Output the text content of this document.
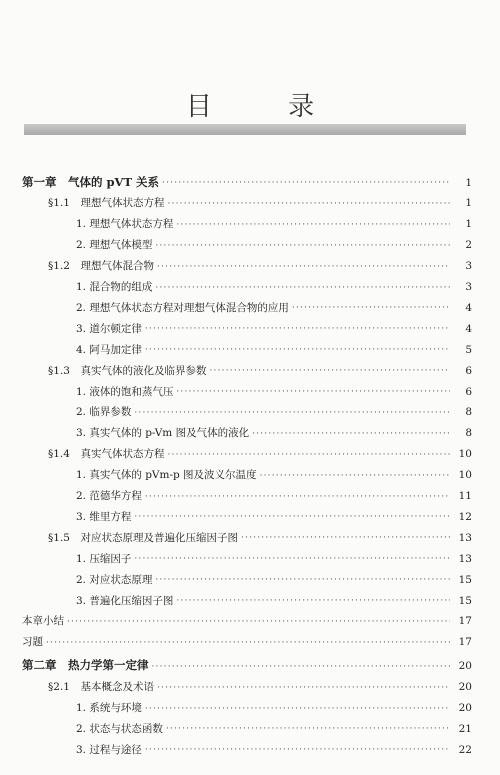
目 录
第一章　气体的 pVT 关系 ·····	1
§1.1　理想气体状态方程 ·····	1
1. 理想气体状态方程 ·····	1
2. 理想气体模型 ·····	2
§1.2　理想气体混合物 ·····	3
1. 混合物的组成 ·····	3
2. 理想气体状态方程对理想气体混合物的应用 ·····	4
3. 道尔顿定律 ·····	4
4. 阿马加定律 ·····	5
§1.3　真实气体的液化及临界参数 ·····	6
1. 液体的饱和蒸气压 ·····	6
2. 临界参数 ·····	8
3. 真实气体的 p-Vm 图及气体的液化 ·····	8
§1.4　真实气体状态方程 ·····	10
1. 真实气体的 pVm-p 图及波义尔温度 ·····	10
2. 范德华方程 ·····	11
3. 维里方程 ·····	12
§1.5　对应状态原理及普遍化压缩因子图 ·····	13
1. 压缩因子 ·····	13
2. 对应状态原理 ·····	15
3. 普遍化压缩因子图 ·····	15
本章小结 ·····	17
习题 ·····	17
第二章　热力学第一定律 ·····	20
§2.1　基本概念及术语 ·····	20
1. 系统与环境 ·····	20
2. 状态与状态函数 ·····	21
3. 过程与途径 ·····	22
